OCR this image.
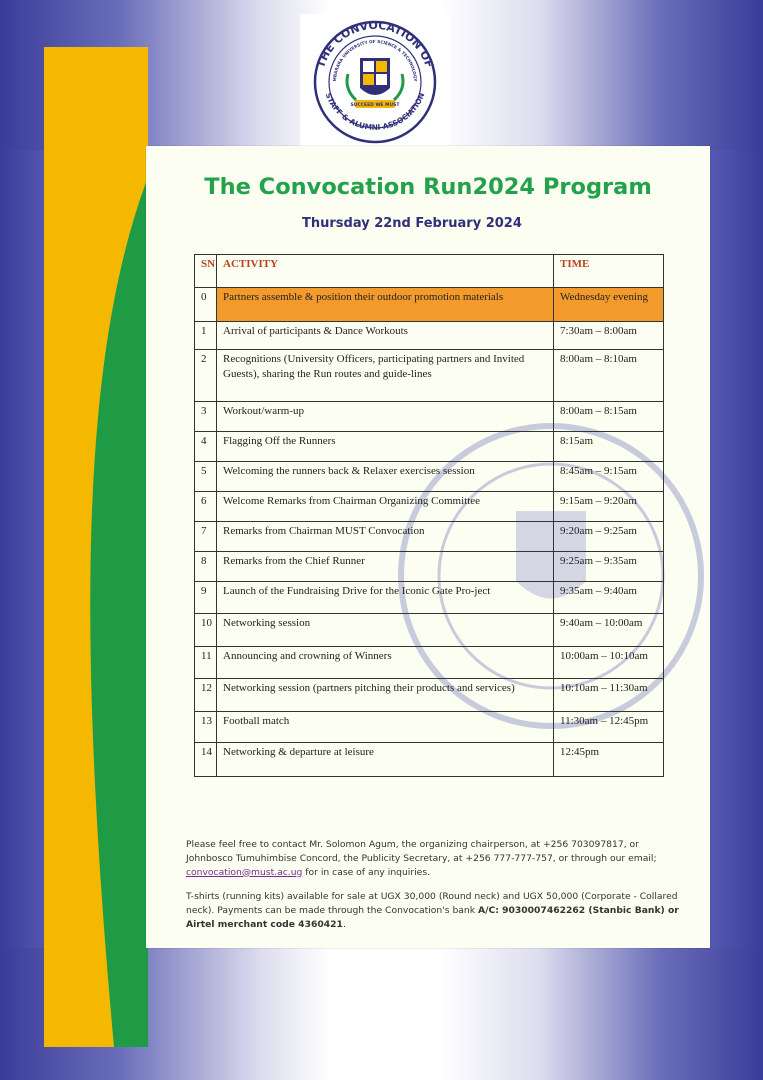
THE CONVOCATION OF
MBARARA UNIVERSITY OF SCIENCE & TECHNOLOGY
STAFF & ALUMNI ASSOCIATION
SUCCEED WE MUST
The Convocation Run2024 Program
Thursday 22nd February 2024
SN	ACTIVITY	TIME
0	Partners assemble & position their outdoor promotion materials	Wednesday evening
1	Arrival of participants & Dance Workouts	7:30am – 8:00am
2	Recognitions (University Officers, participating partners and Invited Guests), sharing the Run routes and guide-lines	8:00am – 8:10am
3	Workout/warm-up	8:00am – 8:15am
4	Flagging Off the Runners	8:15am
5	Welcoming the runners back & Relaxer exercises session	8:45am – 9:15am
6	Welcome Remarks from Chairman Organizing Committee	9:15am – 9:20am
7	Remarks from Chairman MUST Convocation	9:20am – 9:25am
8	Remarks from the Chief Runner	9:25am – 9:35am
9	Launch of the Fundraising Drive for the Iconic Gate Pro-ject	9:35am – 9:40am
10	Networking session	9:40am – 10:00am
11	Announcing and crowning of Winners	10:00am – 10:10am
12	Networking session (partners pitching their products and services)	10:10am – 11:30am
13	Football match	11:30am – 12:45pm
14	Networking & departure at leisure	12:45pm

Please feel free to contact Mr. Solomon Agum, the organizing chairperson, at +256 703097817, or Johnbosco Tumuhimbise Concord, the Publicity Secretary, at +256 777-777-757, or through our email; convocation@must.ac.ug for in case of any inquiries.

T-shirts (running kits) available for sale at UGX 30,000 (Round neck) and UGX 50,000 (Corporate - Collared neck). Payments can be made through the Convocation's bank A/C: 9030007462262 (Stanbic Bank) or Airtel merchant code 4360421.
